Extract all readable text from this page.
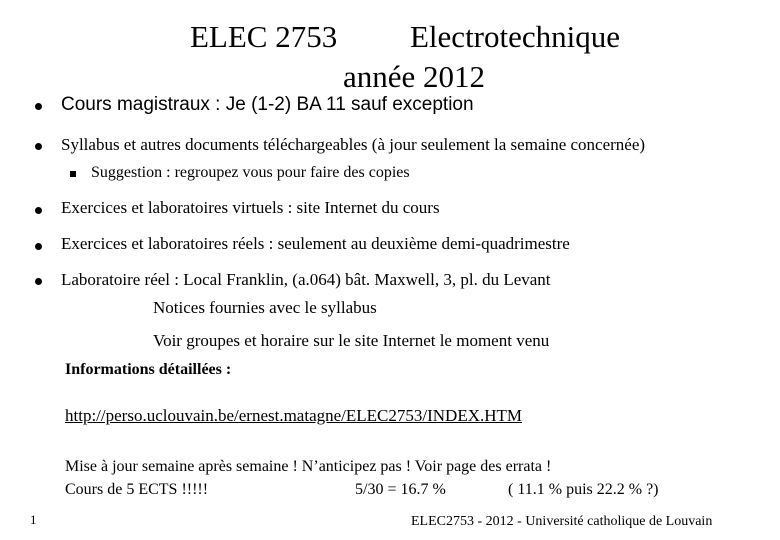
ELEC 2753 Electrotechnique
année 2012
Cours magistraux : Je (1-2) BA 11 sauf exception
Syllabus et autres documents téléchargeables (à jour seulement la semaine concernée)
Suggestion : regroupez vous pour faire des copies
Exercices et laboratoires virtuels : site Internet du cours
Exercices et laboratoires réels : seulement au deuxième demi-quadrimestre
Laboratoire réel : Local Franklin, (a.064) bât. Maxwell, 3, pl. du Levant
Notices fournies avec le syllabus
Voir groupes et horaire sur le site Internet le moment venu
Informations détaillées :
http://perso.uclouvain.be/ernest.matagne/ELEC2753/INDEX.HTM
Mise à jour semaine après semaine ! N’anticipez pas ! Voir page des errata !
Cours de 5 ECTS !!!!!	5/30 = 16.7 %	( 11.1 % puis 22.2 % ?)
1	ELEC2753 - 2012 - Université catholique de Louvain
